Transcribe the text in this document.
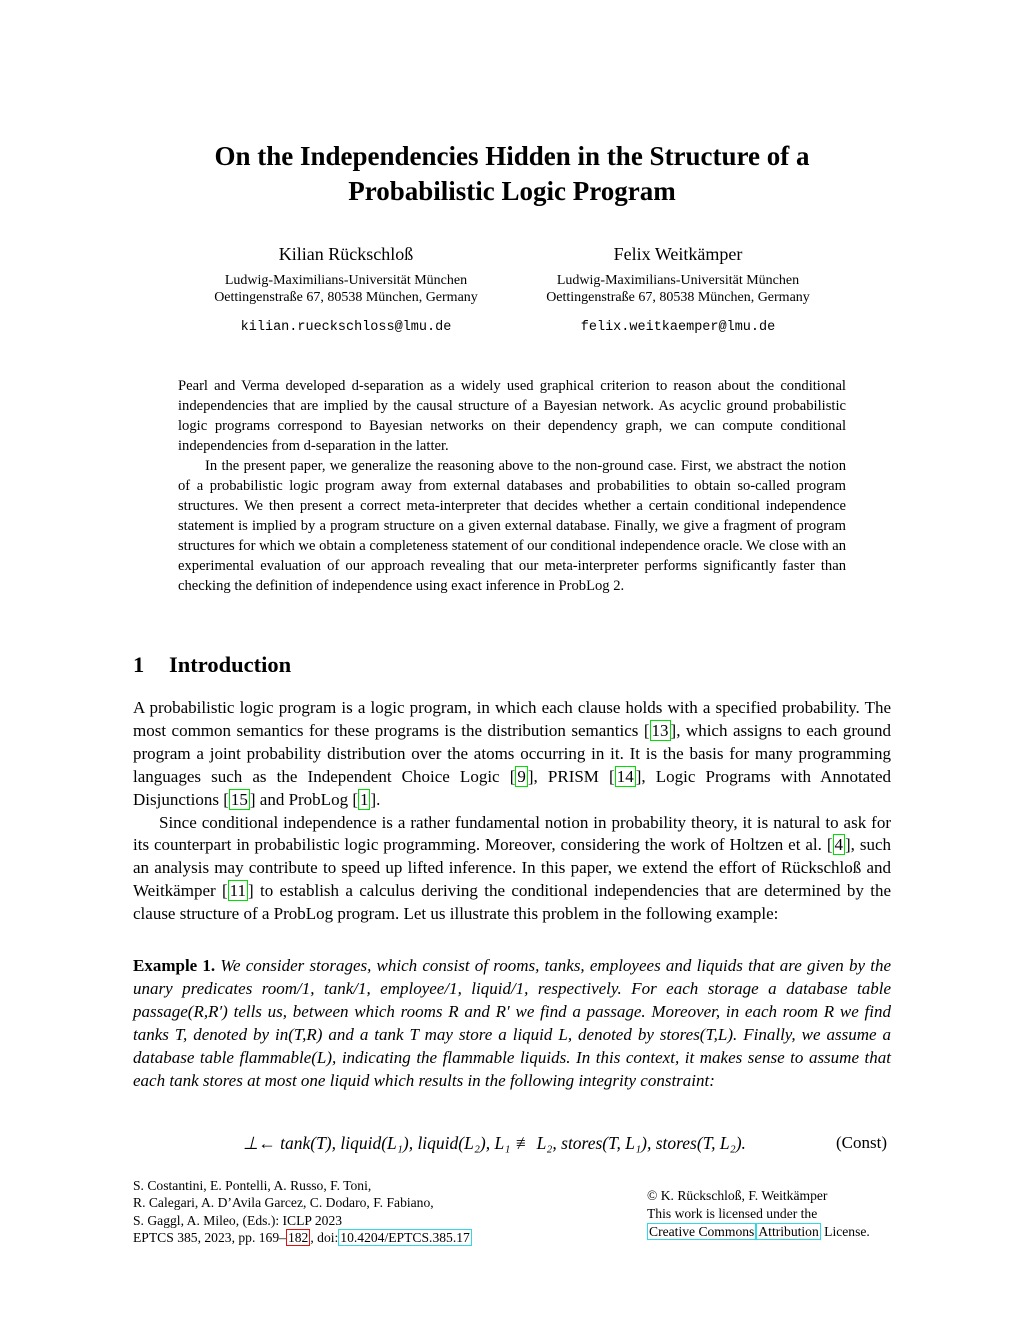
On the Independencies Hidden in the Structure of a
Probabilistic Logic Program
Kilian Rückschloß
Ludwig-Maximilians-Universität München
Oettingenstraße 67, 80538 München, Germany
kilian.rueckschloss@lmu.de
Felix Weitkämper
Ludwig-Maximilians-Universität München
Oettingenstraße 67, 80538 München, Germany
felix.weitkaemper@lmu.de

Pearl and Verma developed d-separation as a widely used graphical criterion to reason about the conditional independencies that are implied by the causal structure of a Bayesian network. As acyclic ground probabilistic logic programs correspond to Bayesian networks on their dependency graph, we can compute conditional independencies from d-separation in the latter.

In the present paper, we generalize the reasoning above to the non-ground case. First, we abstract the notion of a probabilistic logic program away from external databases and probabilities to obtain so-called program structures. We then present a correct meta-interpreter that decides whether a certain conditional independence statement is implied by a program structure on a given external database. Finally, we give a fragment of program structures for which we obtain a completeness statement of our conditional independence oracle. We close with an experimental evaluation of our approach revealing that our meta-interpreter performs significantly faster than checking the definition of independence using exact inference in ProbLog 2.

1 Introduction

A probabilistic logic program is a logic program, in which each clause holds with a specified probability. The most common semantics for these programs is the distribution semantics [ 13 ], which assigns to each ground program a joint probability distribution over the atoms occurring in it. It is the basis for many programming languages such as the Independent Choice Logic [ 9 ], PRISM [ 14 ], Logic Programs with Annotated Disjunctions [ 15 ] and ProbLog [ 1 ].

Since conditional independence is a rather fundamental notion in probability theory, it is natural to ask for its counterpart in probabilistic logic programming. Moreover, considering the work of Holtzen et al. [ 4 ], such an analysis may contribute to speed up lifted inference. In this paper, we extend the effort of Rückschloß and Weitkämper [ 11 ] to establish a calculus deriving the conditional independencies that are determined by the clause structure of a ProbLog program. Let us illustrate this problem in the following example:

Example 1. We consider storages, which consist of rooms, tanks, employees and liquids that are given by the unary predicates room/1, tank/1, employee/1, liquid/1, respectively. For each storage a database table passage(R,R′) tells us, between which rooms R and R′ we find a passage. Moreover, in each room R we find tanks T, denoted by in(T,R) and a tank T may store a liquid L, denoted by stores(T,L). Finally, we assume a database table flammable(L), indicating the flammable liquids. In this context, it makes sense to assume that each tank stores at most one liquid which results in the following integrity constraint:
⊥← tank(T), liquid(L₁), liquid(L₂), L₁ ≢ L₂, stores(T, L₁), stores(T, L₂).	(Const)
S. Costantini, E. Pontelli, A. Russo, F. Toni,
R. Calegari, A. D’Avila Garcez, C. Dodaro, F. Fabiano,
S. Gaggl, A. Mileo, (Eds.): ICLP 2023
EPTCS 385, 2023, pp. 169– 182 , doi: 10.4204/EPTCS.385.17
© K. Rückschloß, F. Weitkämper
This work is licensed under the
Creative Commons Attribution License.
